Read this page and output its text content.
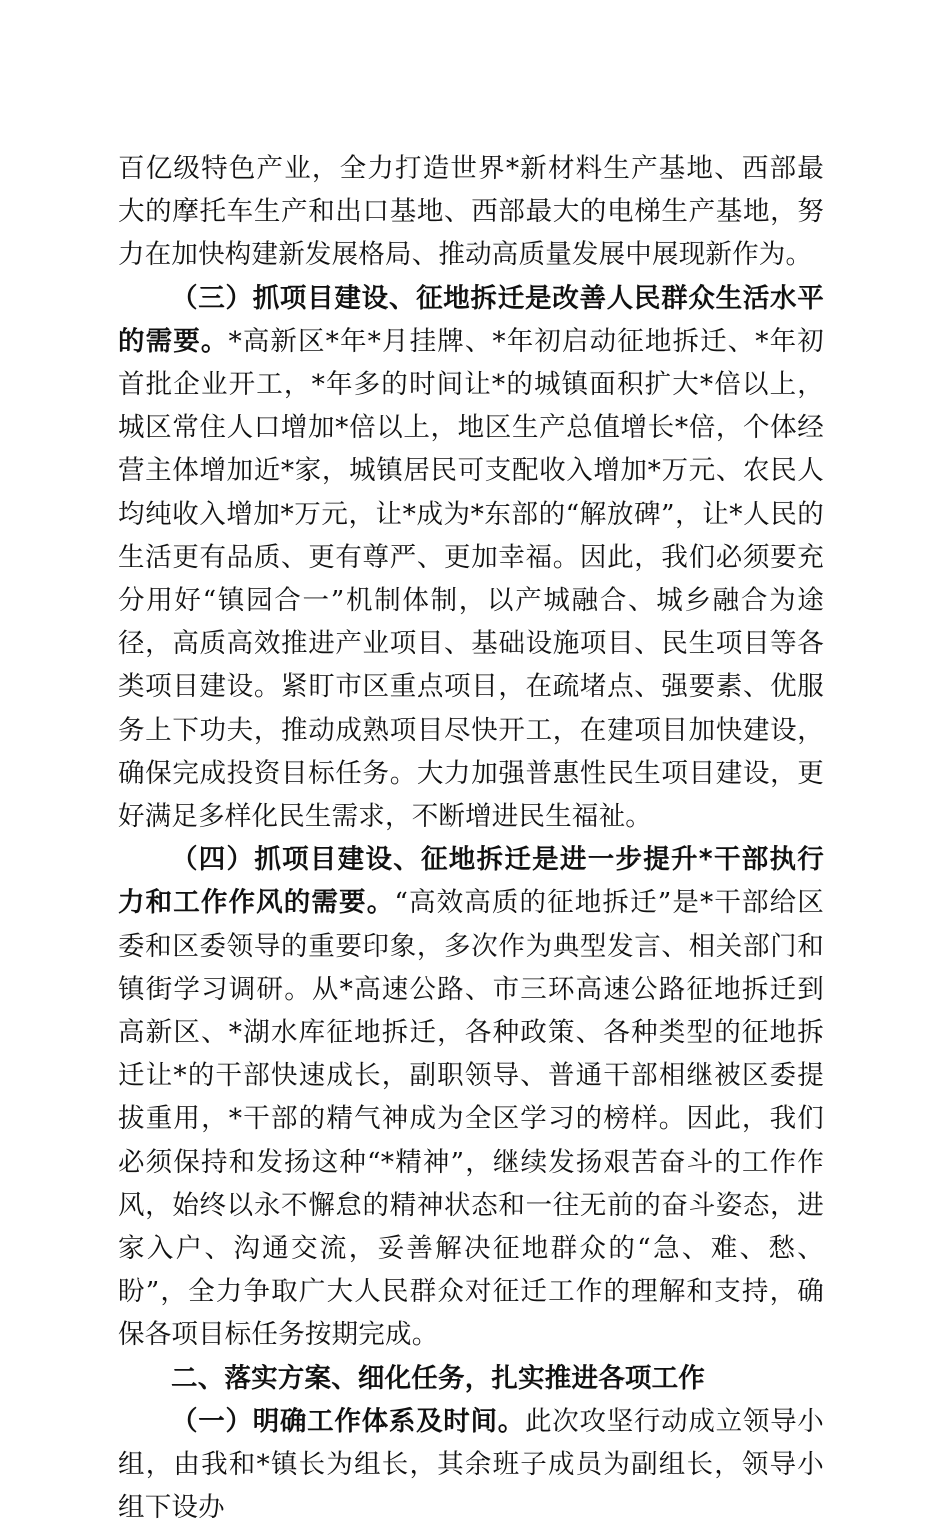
百亿级特色产业，全力打造世界*新材料生产基地、西部最大的摩托车生产和出口基地、西部最大的电梯生产基地，努力在加快构建新发展格局、推动高质量发展中展现新作为。

（三）抓项目建设、征地拆迁是改善人民群众生活水平的需要。*高新区*年*月挂牌、*年初启动征地拆迁、*年初首批企业开工，*年多的时间让*的城镇面积扩大*倍以上，城区常住人口增加*倍以上，地区生产总值增长*倍，个体经营主体增加近*家，城镇居民可支配收入增加*万元、农民人均纯收入增加*万元，让*成为*东部的“解放碑”，让*人民的生活更有品质、更有尊严、更加幸福。因此，我们必须要充分用好“镇园合一”机制体制，以产城融合、城乡融合为途径，高质高效推进产业项目、基础设施项目、民生项目等各类项目建设。紧盯市区重点项目，在疏堵点、强要素、优服务上下功夫，推动成熟项目尽快开工，在建项目加快建设，确保完成投资目标任务。大力加强普惠性民生项目建设，更好满足多样化民生需求，不断增进民生福祉。

（四）抓项目建设、征地拆迁是进一步提升*干部执行力和工作作风的需要。“高效高质的征地拆迁”是*干部给区委和区委领导的重要印象，多次作为典型发言、相关部门和镇街学习调研。从*高速公路、市三环高速公路征地拆迁到高新区、*湖水库征地拆迁，各种政策、各种类型的征地拆迁让*的干部快速成长，副职领导、普通干部相继被区委提拔重用，*干部的精气神成为全区学习的榜样。因此，我们必须保持和发扬这种“*精神”，继续发扬艰苦奋斗的工作作风，始终以永不懈怠的精神状态和一往无前的奋斗姿态，进家入户、沟通交流，妥善解决征地群众的“急、难、愁、盼”，全力争取广大人民群众对征迁工作的理解和支持，确保各项目标任务按期完成。

二、落实方案、细化任务，扎实推进各项工作

（一）明确工作体系及时间。此次攻坚行动成立领导小组，由我和*镇长为组长，其余班子成员为副组长，领导小组下设办
